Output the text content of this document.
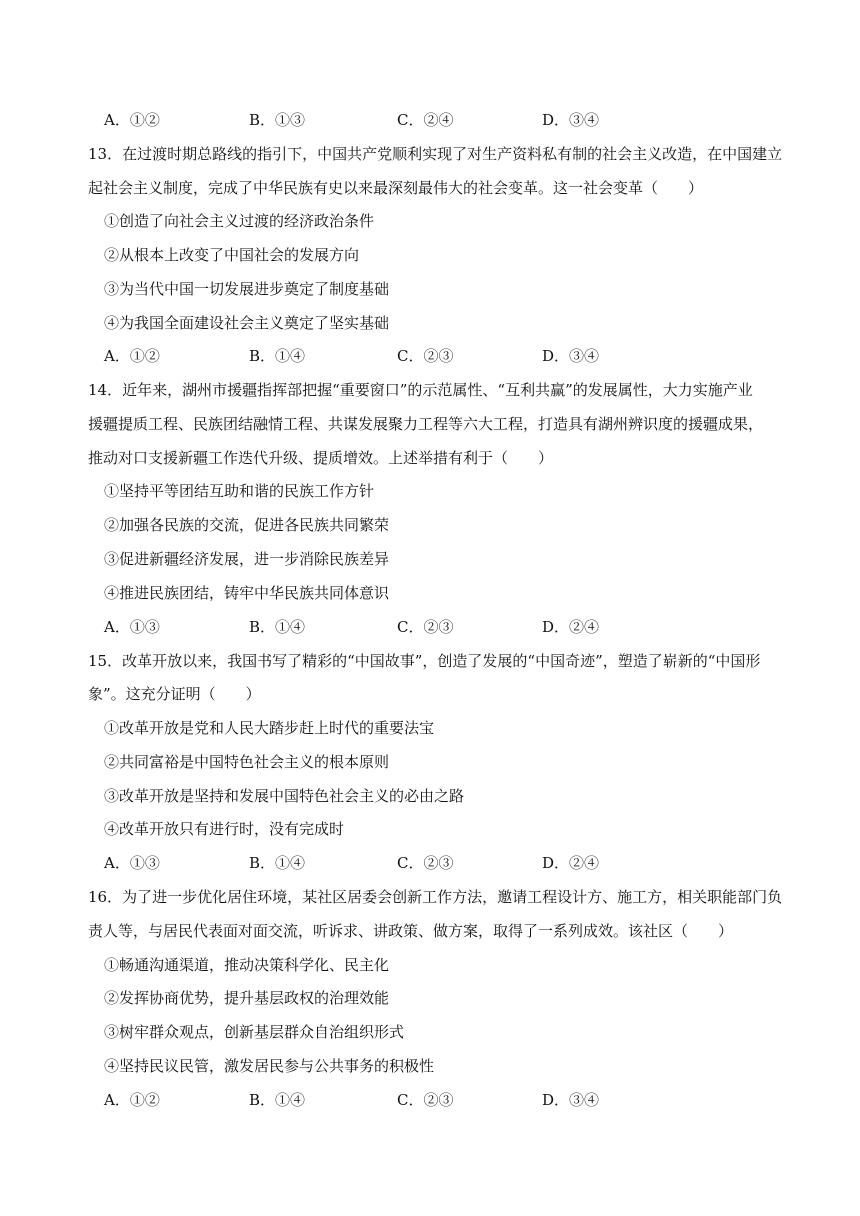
A．①②	B．①③	C．②④	D．③④
13．在过渡时期总路线的指引下，中国共产党顺利实现了对生产资料私有制的社会主义改造，在中国建立
起社会主义制度，完成了中华民族有史以来最深刻最伟大的社会变革。这一社会变革（　　）
①创造了向社会主义过渡的经济政治条件
②从根本上改变了中国社会的发展方向
③为当代中国一切发展进步奠定了制度基础
④为我国全面建设社会主义奠定了坚实基础
A．①②	B．①④	C．②③	D．③④
14．近年来，湖州市援疆指挥部把握“重要窗口”的示范属性、“互利共赢”的发展属性，大力实施产业
援疆提质工程、民族团结融情工程、共谋发展聚力工程等六大工程，打造具有湖州辨识度的援疆成果，
推动对口支援新疆工作迭代升级、提质增效。上述举措有利于（　　）
①坚持平等团结互助和谐的民族工作方针
②加强各民族的交流，促进各民族共同繁荣
③促进新疆经济发展，进一步消除民族差异
④推进民族团结，铸牢中华民族共同体意识
A．①③	B．①④	C．②③	D．②④
15．改革开放以来，我国书写了精彩的“中国故事”，创造了发展的“中国奇迹”，塑造了崭新的“中国形
象”。这充分证明（　　）
①改革开放是党和人民大踏步赶上时代的重要法宝
②共同富裕是中国特色社会主义的根本原则
③改革开放是坚持和发展中国特色社会主义的必由之路
④改革开放只有进行时，没有完成时
A．①③	B．①④	C．②③	D．②④
16．为了进一步优化居住环境，某社区居委会创新工作方法，邀请工程设计方、施工方，相关职能部门负
责人等，与居民代表面对面交流，听诉求、讲政策、做方案，取得了一系列成效。该社区（　　）
①畅通沟通渠道，推动决策科学化、民主化
②发挥协商优势，提升基层政权的治理效能
③树牢群众观点，创新基层群众自治组织形式
④坚持民议民管，激发居民参与公共事务的积极性
A．①②	B．①④	C．②③	D．③④
